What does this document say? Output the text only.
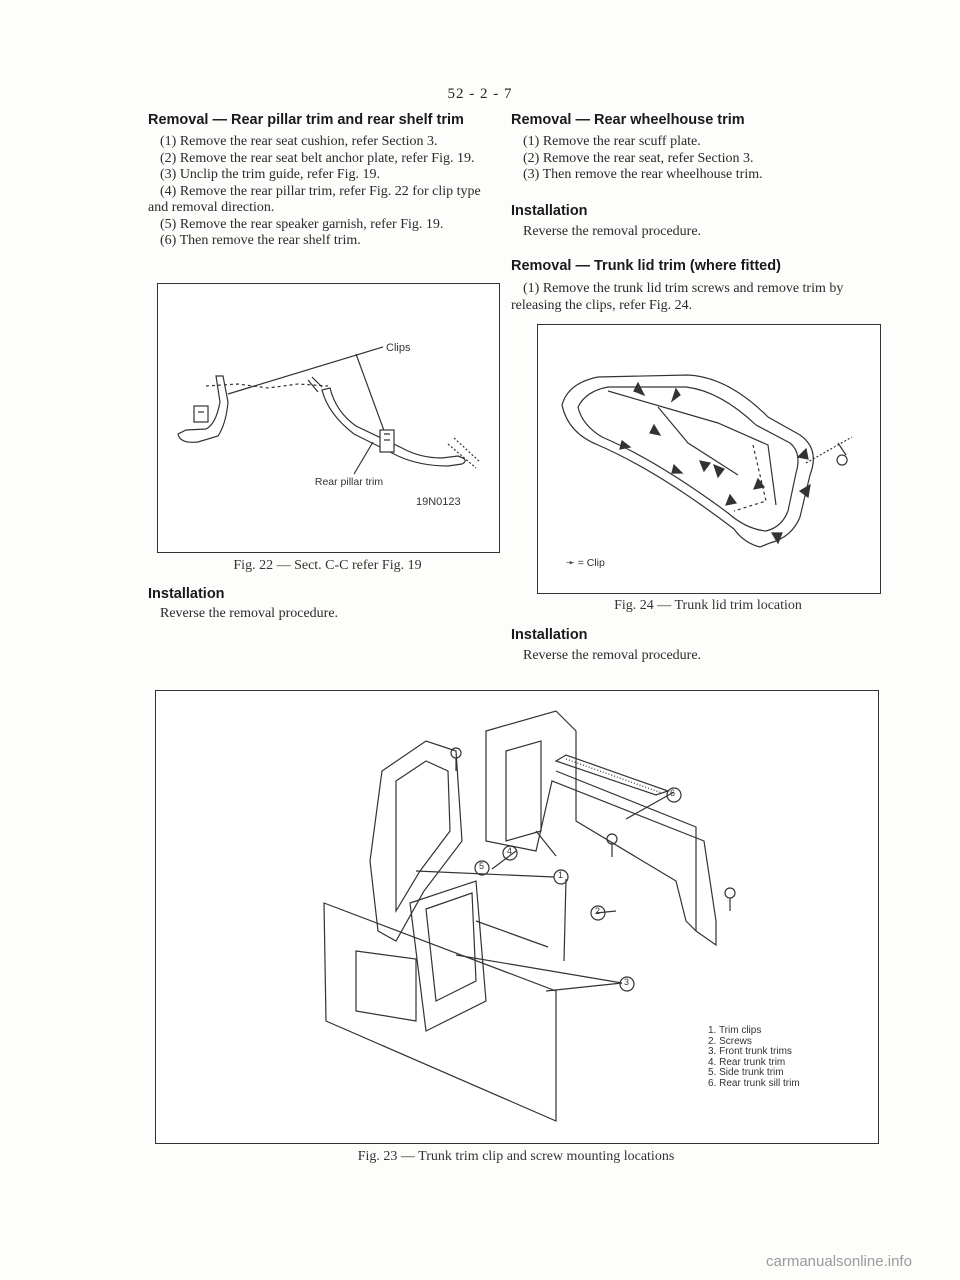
52 - 2 - 7
Removal — Rear pillar trim and rear shelf trim
(1) Remove the rear seat cushion, refer Section 3.
(2) Remove the rear seat belt anchor plate, refer Fig. 19.
(3) Unclip the trim guide, refer Fig. 19.
(4) Remove the rear pillar trim, refer Fig. 22 for clip type and removal direction.
(5) Remove the rear speaker garnish, refer Fig. 19.
(6) Then remove the rear shelf trim.
Clips
Rear pillar trim
19N0123
Fig. 22 — Sect. C-C refer Fig. 19
Installation
Reverse the removal procedure.
Removal — Rear wheelhouse trim
(1) Remove the rear scuff plate.
(2) Remove the rear seat, refer Section 3.
(3) Then remove the rear wheelhouse trim.
Installation
Reverse the removal procedure.
Removal — Trunk lid trim (where fitted)
(1) Remove the trunk lid trim screws and remove trim by releasing the clips, refer Fig. 24.
➛ = Clip
Fig. 24 — Trunk lid trim location
Installation
Reverse the removal procedure.
6
4
5
1
2
3
1. Trim clips
2. Screws
3. Front trunk trims
4. Rear trunk trim
5. Side trunk trim
6. Rear trunk sill trim
Fig. 23 — Trunk trim clip and screw mounting locations
carmanualsonline.info
